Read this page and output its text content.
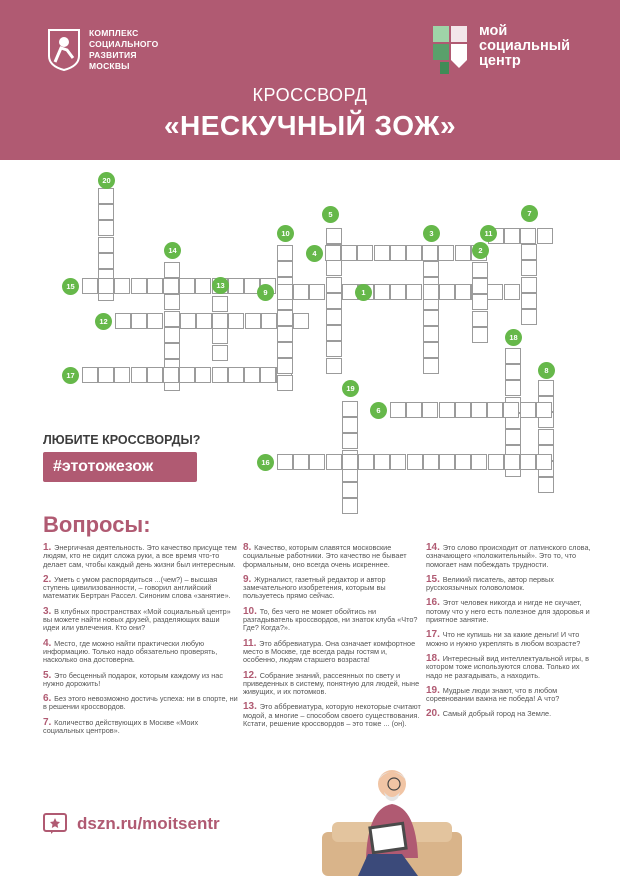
КОМПЛЕКС
СОЦИАЛЬНОГО
РАЗВИТИЯ
МОСКВЫ
мой
социальный
центр
КРОССВОРД
«НЕСКУЧНЫЙ ЗОЖ»
20
15
14
12
13
17
10
9
5
4
3
1
2
11
7
18
8
6
19
16
ЛЮБИТЕ КРОССВОРДЫ?
#этотожезож
Вопросы:
1. Энергичная деятельность. Это качество присуще тем людям, кто не сидит сложа руки, а все время что-то делает сам, чтобы каждый день жизни был интересным.
2. Уметь с умом распорядиться ...(чем?) – высшая ступень цивилизованности, – говорил английский математик Бертран Рассел. Синоним слова «занятие».
3. В клубных пространствах «Мой социальный центр» вы можете найти новых друзей, разделяющих ваши идеи или увлечения. Кто они?
4. Место, где можно найти практически любую информацию. Только надо обязательно проверять, насколько она достоверна.
5. Это бесценный подарок, которым каждому из нас нужно дорожить!
6. Без этого невозможно достичь успеха: ни в спорте, ни в решении кроссвордов.
7. Количество действующих в Москве «Моих социальных центров».
8. Качество, которым славятся московские социальные работники. Это качество не бывает формальным, оно всегда очень искреннее.
9. Журналист, газетный редактор и автор замечательного изобретения, которым вы пользуетесь прямо сейчас.
10. То, без чего не может обойтись ни разгадыватель кроссвордов, ни знаток клуба «Что? Где? Когда?».
11. Это аббревиатура. Она означает комфортное место в Москве, где всегда рады гостям и, особенно, людям старшего возраста!
12. Собрание знаний, рассеянных по свету и приведенных в систему, понятную для людей, ныне живущих, и их потомков.
13. Это аббревиатура, которую некоторые считают модой, а многие – способом своего существования. Кстати, решение кроссвордов – это тоже ... (он).
14. Это слово происходит от латинского слова, означающего «положительный». Это то, что помогает нам побеждать трудности.
15. Великий писатель, автор первых русскоязычных головоломок.
16. Этот человек никогда и нигде не скучает, потому что у него есть полезное для здоровья и приятное занятие.
17. Что не купишь ни за какие деньги! И что можно и нужно укреплять в любом возрасте?
18. Интересный вид интеллектуальной игры, в котором тоже используются слова. Только их надо не разгадывать, а находить.
19. Мудрые люди знают, что в любом соревновании важна не победа! А что?
20. Самый добрый город на Земле.
dszn.ru/moitsentr
